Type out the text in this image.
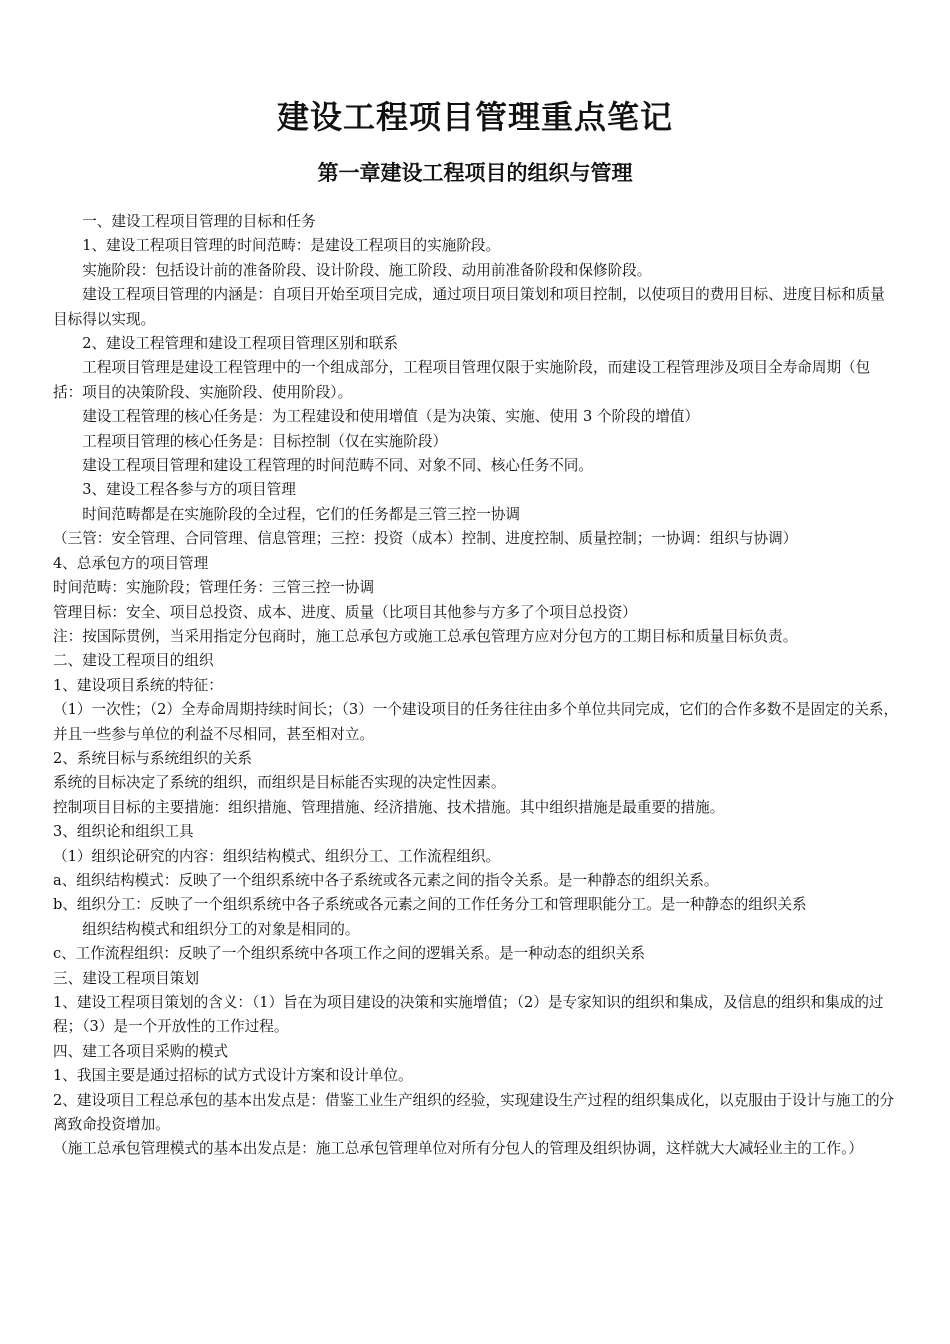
建设工程项目管理重点笔记
第一章建设工程项目的组织与管理

一、建设工程项目管理的目标和任务

1、建设工程项目管理的时间范畴：是建设工程项目的实施阶段。

实施阶段：包括设计前的准备阶段、设计阶段、施工阶段、动用前准备阶段和保修阶段。

建设工程项目管理的内涵是：自项目开始至项目完成，通过项目项目策划和项目控制，以使项目的费用目标、进度目标和质量目标得以实现。

2、建设工程管理和建设工程项目管理区别和联系

工程项目管理是建设工程管理中的一个组成部分，工程项目管理仅限于实施阶段，而建设工程管理涉及项目全寿命周期（包括：项目的决策阶段、实施阶段、使用阶段）。

建设工程管理的核心任务是：为工程建设和使用增值（是为决策、实施、使用 3 个阶段的增值）

工程项目管理的核心任务是：目标控制（仅在实施阶段）

建设工程项目管理和建设工程管理的时间范畴不同、对象不同、核心任务不同。

3、建设工程各参与方的项目管理

时间范畴都是在实施阶段的全过程，它们的任务都是三管三控一协调

（三管：安全管理、合同管理、信息管理；三控：投资（成本）控制、进度控制、质量控制；一协调：组织与协调）

4、总承包方的项目管理

时间范畴：实施阶段；管理任务：三管三控一协调

管理目标：安全、项目总投资、成本、进度、质量（比项目其他参与方多了个项目总投资）

注：按国际贯例，当采用指定分包商时，施工总承包方或施工总承包管理方应对分包方的工期目标和质量目标负责。

二、建设工程项目的组织

1、建设项目系统的特征：

（1）一次性；（2）全寿命周期持续时间长；（3）一个建设项目的任务往往由多个单位共同完成，它们的合作多数不是固定的关系，并且一些参与单位的利益不尽相同，甚至相对立。

2、系统目标与系统组织的关系

系统的目标决定了系统的组织，而组织是目标能否实现的决定性因素。

控制项目目标的主要措施：组织措施、管理措施、经济措施、技术措施。其中组织措施是最重要的措施。

3、组织论和组织工具

（1）组织论研究的内容：组织结构模式、组织分工、工作流程组织。

a、组织结构模式：反映了一个组织系统中各子系统或各元素之间的指令关系。是一种静态的组织关系。

b、组织分工：反映了一个组织系统中各子系统或各元素之间的工作任务分工和管理职能分工。是一种静态的组织关系

组织结构模式和组织分工的对象是相同的。

c、工作流程组织：反映了一个组织系统中各项工作之间的逻辑关系。是一种动态的组织关系

三、建设工程项目策划

1、建设工程项目策划的含义：（1）旨在为项目建设的决策和实施增值；（2）是专家知识的组织和集成，及信息的组织和集成的过程；（3）是一个开放性的工作过程。

四、建工各项目采购的模式

1、我国主要是通过招标的试方式设计方案和设计单位。

2、建设项目工程总承包的基本出发点是：借鉴工业生产组织的经验，实现建设生产过程的组织集成化，以克服由于设计与施工的分离致命投资增加。

（施工总承包管理模式的基本出发点是：施工总承包管理单位对所有分包人的管理及组织协调，这样就大大减轻业主的工作。）
